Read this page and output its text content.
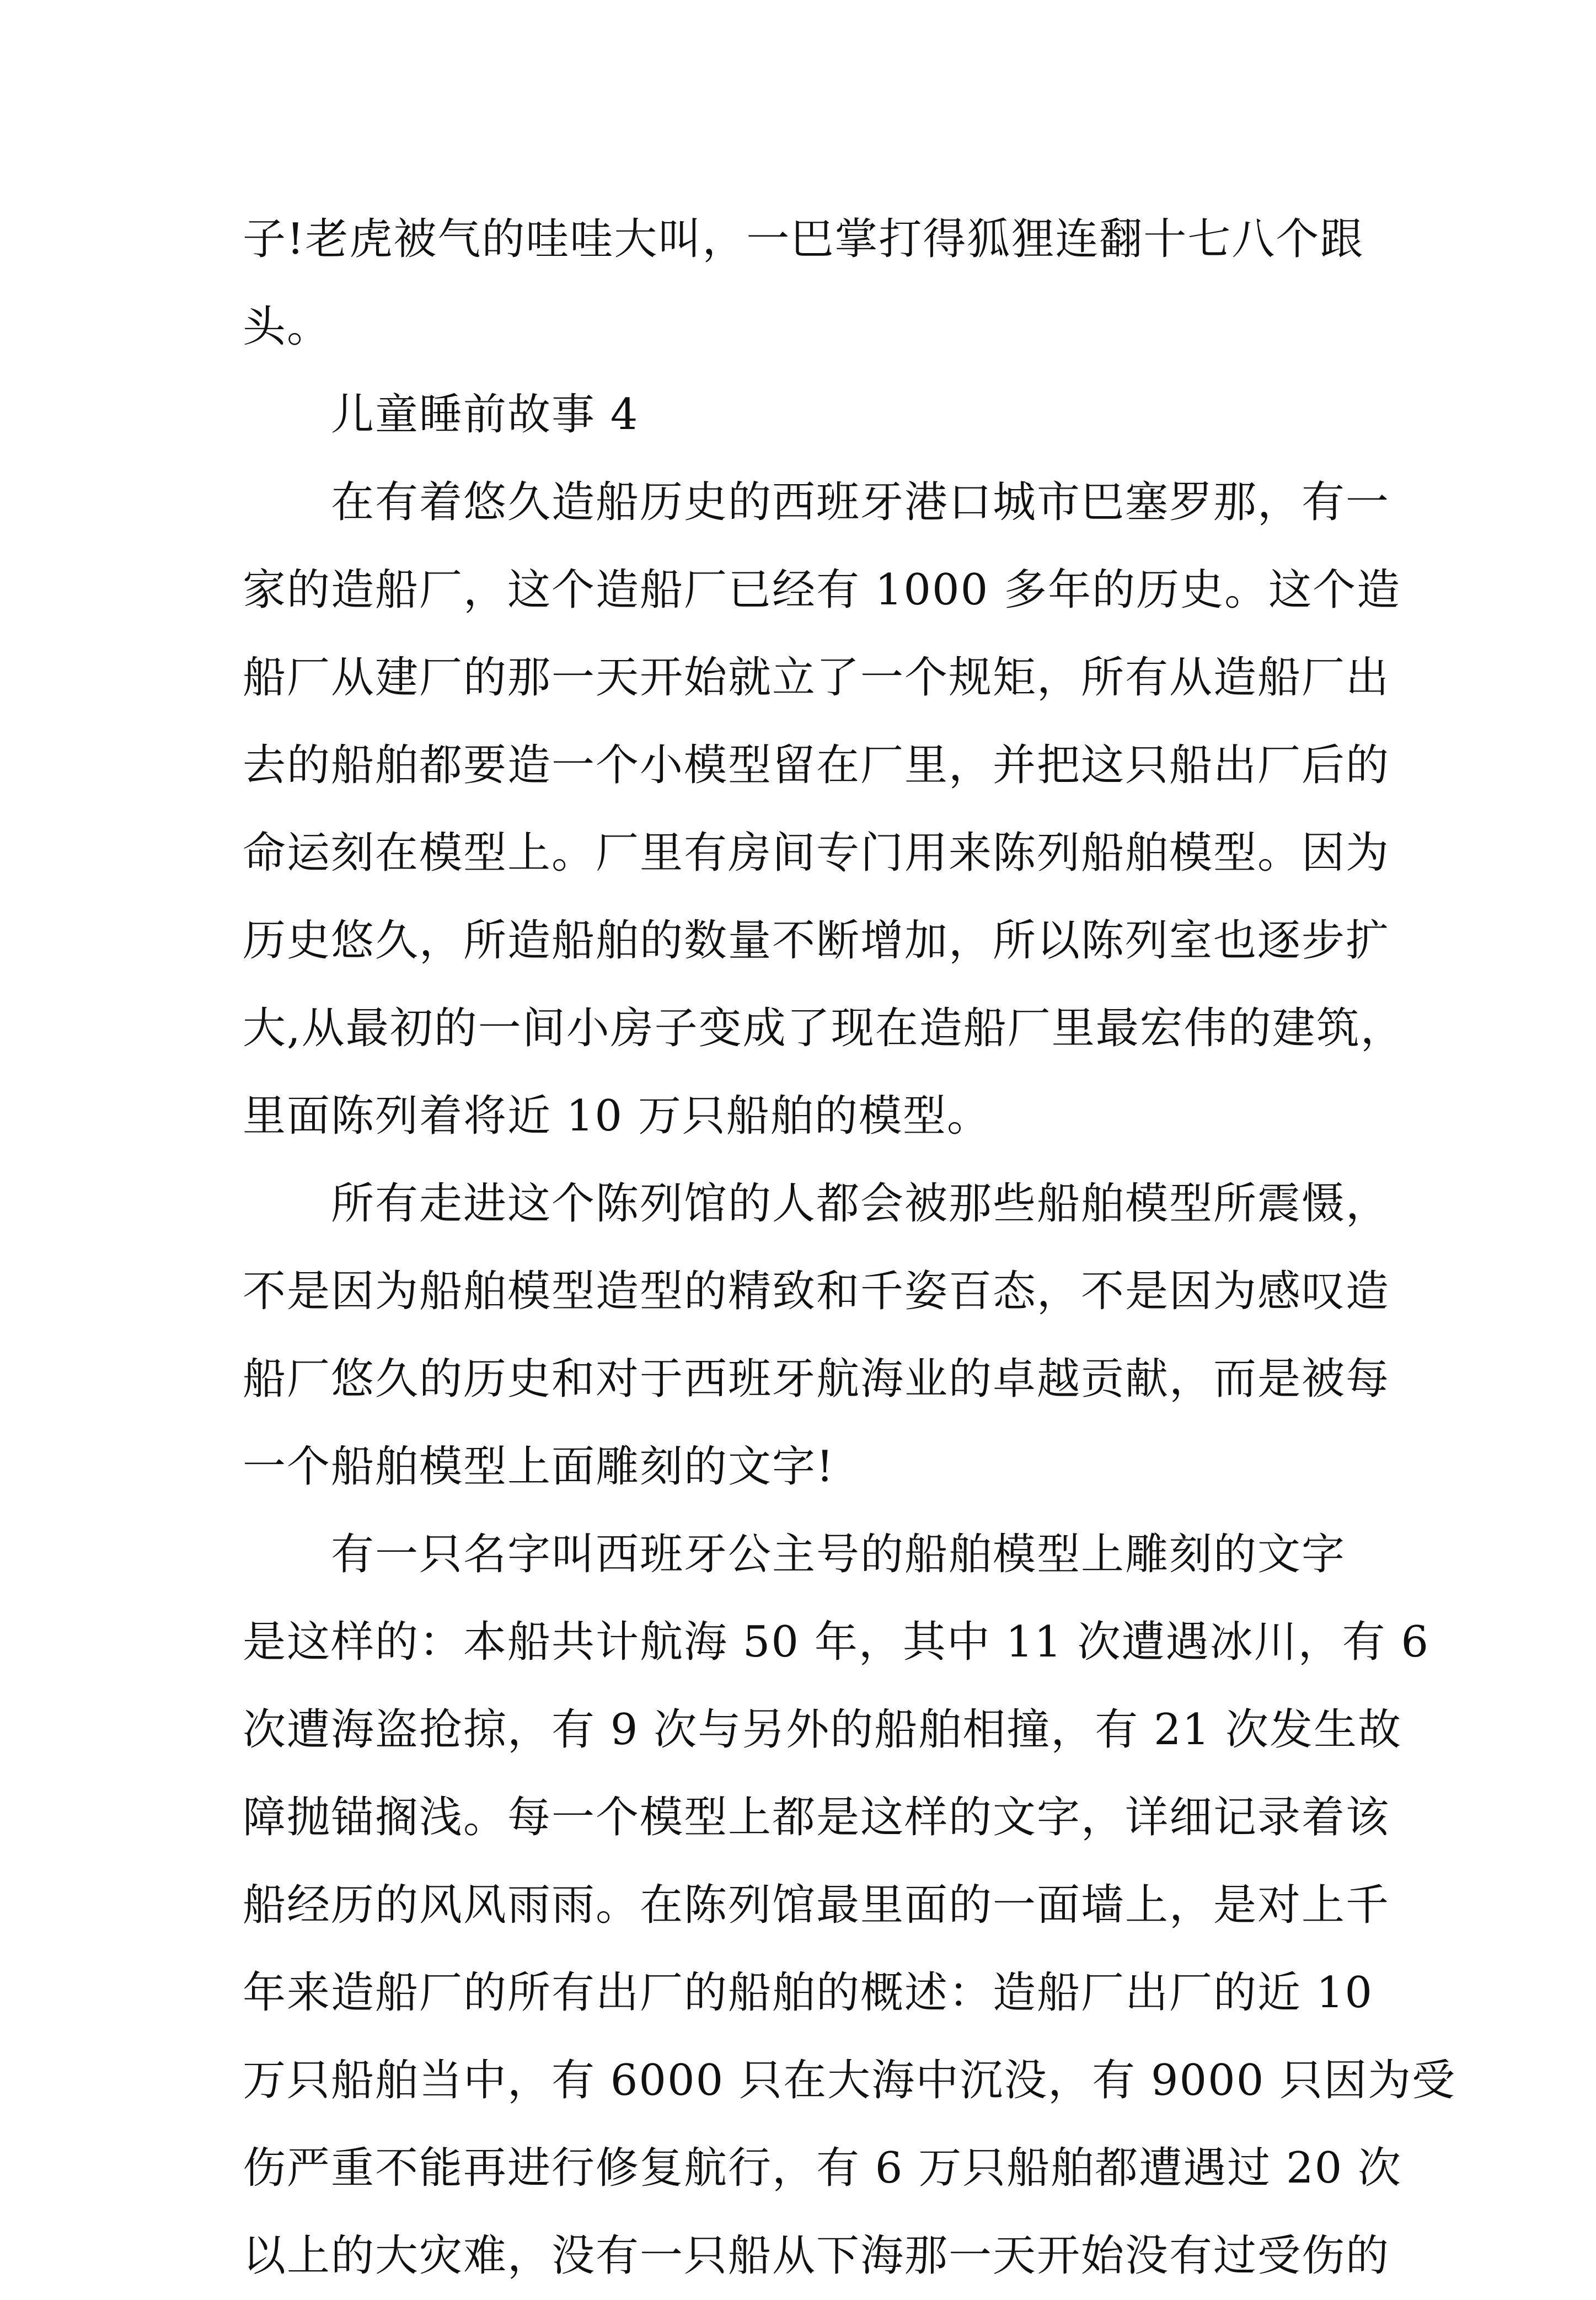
子!老虎被气的哇哇大叫，一巴掌打得狐狸连翻十七八个跟
头。
儿童睡前故事 4
在有着悠久造船历史的西班牙港口城市巴塞罗那，有一
家的造船厂，这个造船厂已经有 1000 多年的历史。这个造
船厂从建厂的那一天开始就立了一个规矩，所有从造船厂出
去的船舶都要造一个小模型留在厂里，并把这只船出厂后的
命运刻在模型上。厂里有房间专门用来陈列船舶模型。因为
历史悠久，所造船舶的数量不断增加，所以陈列室也逐步扩
大,从最初的一间小房子变成了现在造船厂里最宏伟的建筑，
里面陈列着将近 10 万只船舶的模型。
所有走进这个陈列馆的人都会被那些船舶模型所震慑，
不是因为船舶模型造型的精致和千姿百态，不是因为感叹造
船厂悠久的历史和对于西班牙航海业的卓越贡献，而是被每
一个船舶模型上面雕刻的文字!
有一只名字叫西班牙公主号的船舶模型上雕刻的文字
是这样的：本船共计航海 50 年，其中 11 次遭遇冰川，有 6
次遭海盗抢掠，有 9 次与另外的船舶相撞，有 21 次发生故
障抛锚搁浅。每一个模型上都是这样的文字，详细记录着该
船经历的风风雨雨。在陈列馆最里面的一面墙上，是对上千
年来造船厂的所有出厂的船舶的概述：造船厂出厂的近 10
万只船舶当中，有 6000 只在大海中沉没，有 9000 只因为受
伤严重不能再进行修复航行，有 6 万只船舶都遭遇过 20 次
以上的大灾难，没有一只船从下海那一天开始没有过受伤的
